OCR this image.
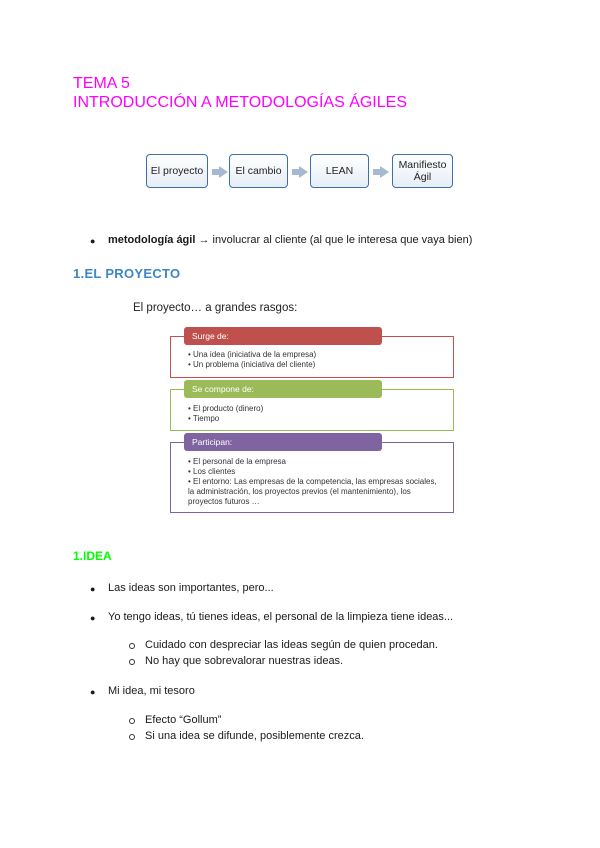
TEMA 5
INTRODUCCIÓN A METODOLOGÍAS ÁGILES
El proyecto	El cambio	LEAN	Manifiesto Ágil
● metodología ágil → involucrar al cliente (al que le interesa que vaya bien)
1.EL PROYECTO
El proyecto… a grandes rasgos:
Surge de:
• Una idea (iniciativa de la empresa)
• Un problema (iniciativa del cliente)
Se compone de:
• El producto (dinero)
• Tiempo
Participan:
• El personal de la empresa
• Los clientes
• El entorno: Las empresas de la competencia, las empresas sociales, la administración, los proyectos previos (el mantenimiento), los proyectos futuros …
1.IDEA
● Las ideas son importantes, pero...
● Yo tengo ideas, tú tienes ideas, el personal de la limpieza tiene ideas...
Cuidado con despreciar las ideas según de quien procedan.
No hay que sobrevalorar nuestras ideas.
● Mi idea, mi tesoro
Efecto “Gollum”
Si una idea se difunde, posiblemente crezca.
